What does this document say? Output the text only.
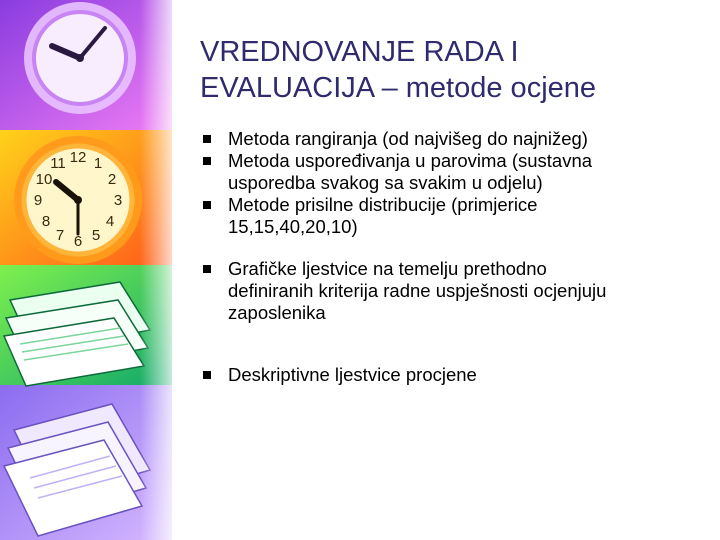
12 1
2
3
4
5
6
7
8
9
10
11
VREDNOVANJE RADA I
EVALUACIJA – metode ocjene
Metoda rangiranja (od najvišeg do najnižeg)
Metoda uspoređivanja u parovima (sustavna
usporedba svakog sa svakim u odjelu)
Metode prisilne distribucije (primjerice
15,15,40,20,10)
Grafičke ljestvice na temelju prethodno
definiranih kriterija radne uspješnosti ocjenjuju
zaposlenika
Deskriptivne ljestvice procjene
